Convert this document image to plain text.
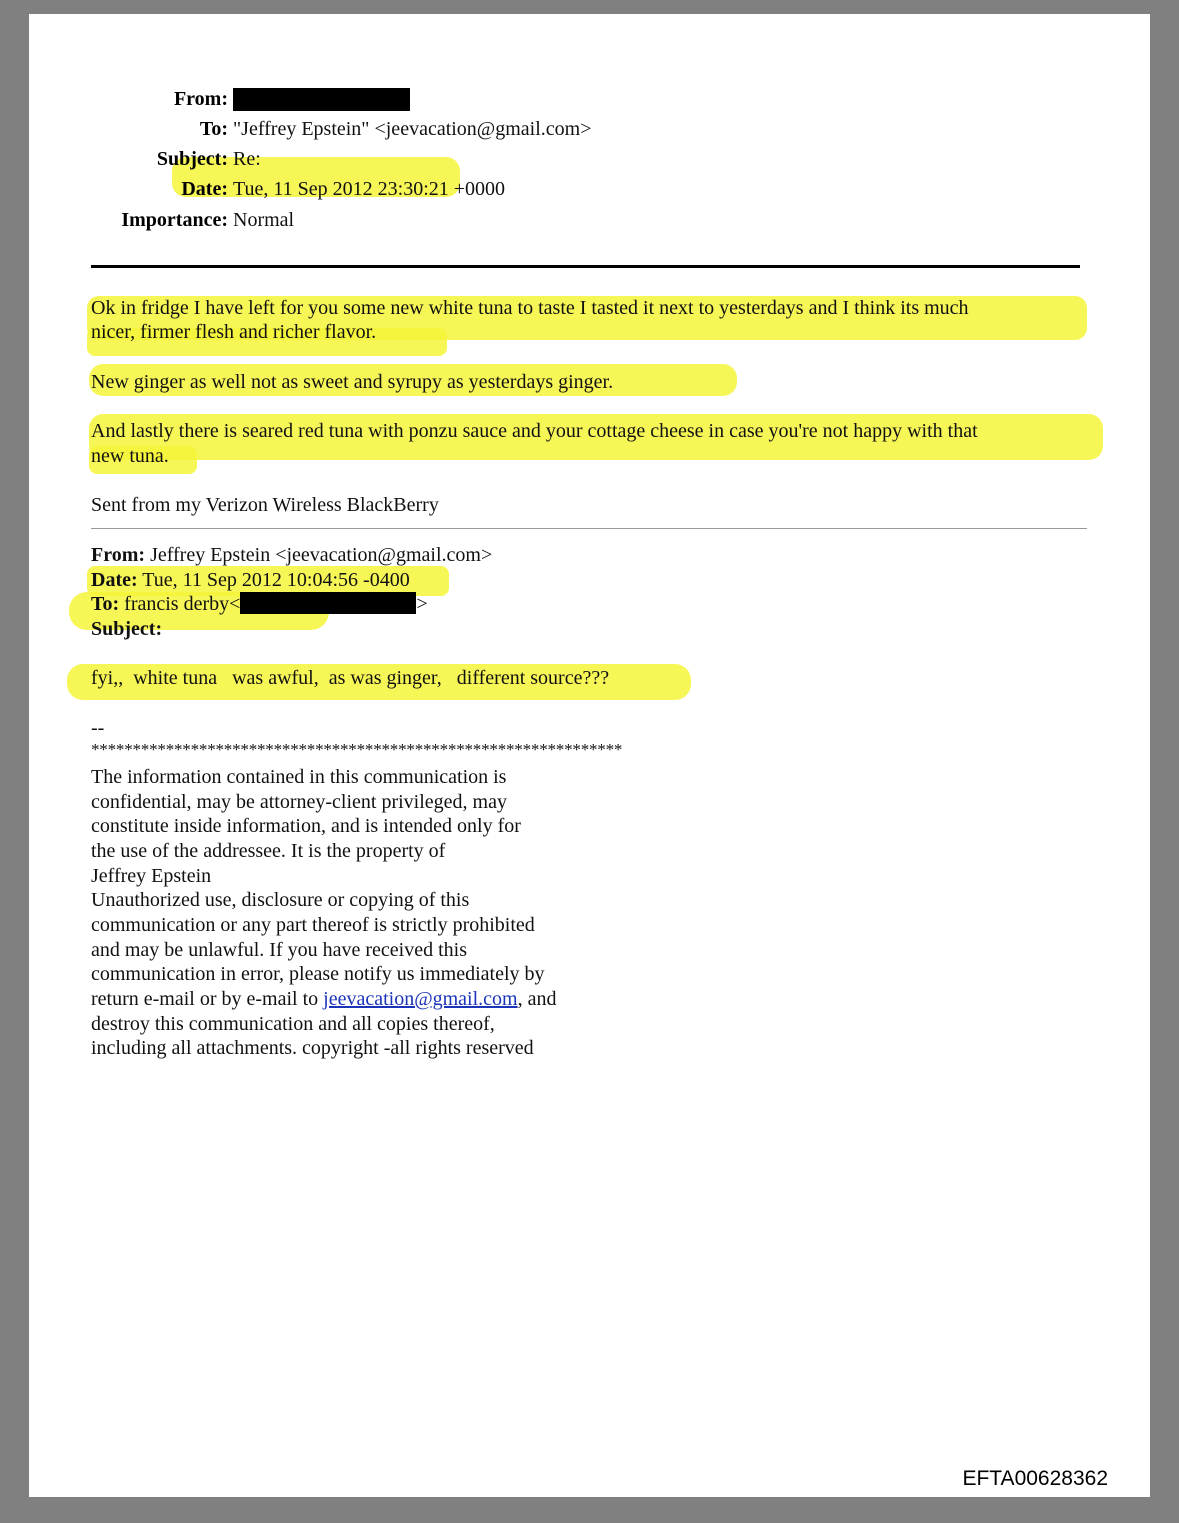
From:
To: "Jeffrey Epstein" <jeevacation@gmail.com>
Subject: Re:
Date: Tue, 11 Sep 2012 23:30:21 +0000
Importance: Normal
Ok in fridge I have left for you some new white tuna to taste I tasted it next to yesterdays and I think its much
nicer, firmer flesh and richer flavor.
New ginger as well not as sweet and syrupy as yesterdays ginger.
And lastly there is seared red tuna with ponzu sauce and your cottage cheese in case you're not happy with that
new tuna.
Sent from my Verizon Wireless BlackBerry
From: Jeffrey Epstein <jeevacation@gmail.com>
Date: Tue, 11 Sep 2012 10:04:56 -0400
To: francis derby<	>
Subject:
fyi,,  white tuna   was awful,  as was ginger,   different source???
--
****************************************************************
The information contained in this communication is
confidential, may be attorney-client privileged, may
constitute inside information, and is intended only for
the use of the addressee. It is the property of
Jeffrey Epstein
Unauthorized use, disclosure or copying of this
communication or any part thereof is strictly prohibited
and may be unlawful. If you have received this
communication in error, please notify us immediately by
return e-mail or by e-mail to jeevacation@gmail.com, and
destroy this communication and all copies thereof,
including all attachments. copyright -all rights reserved
EFTA00628362
